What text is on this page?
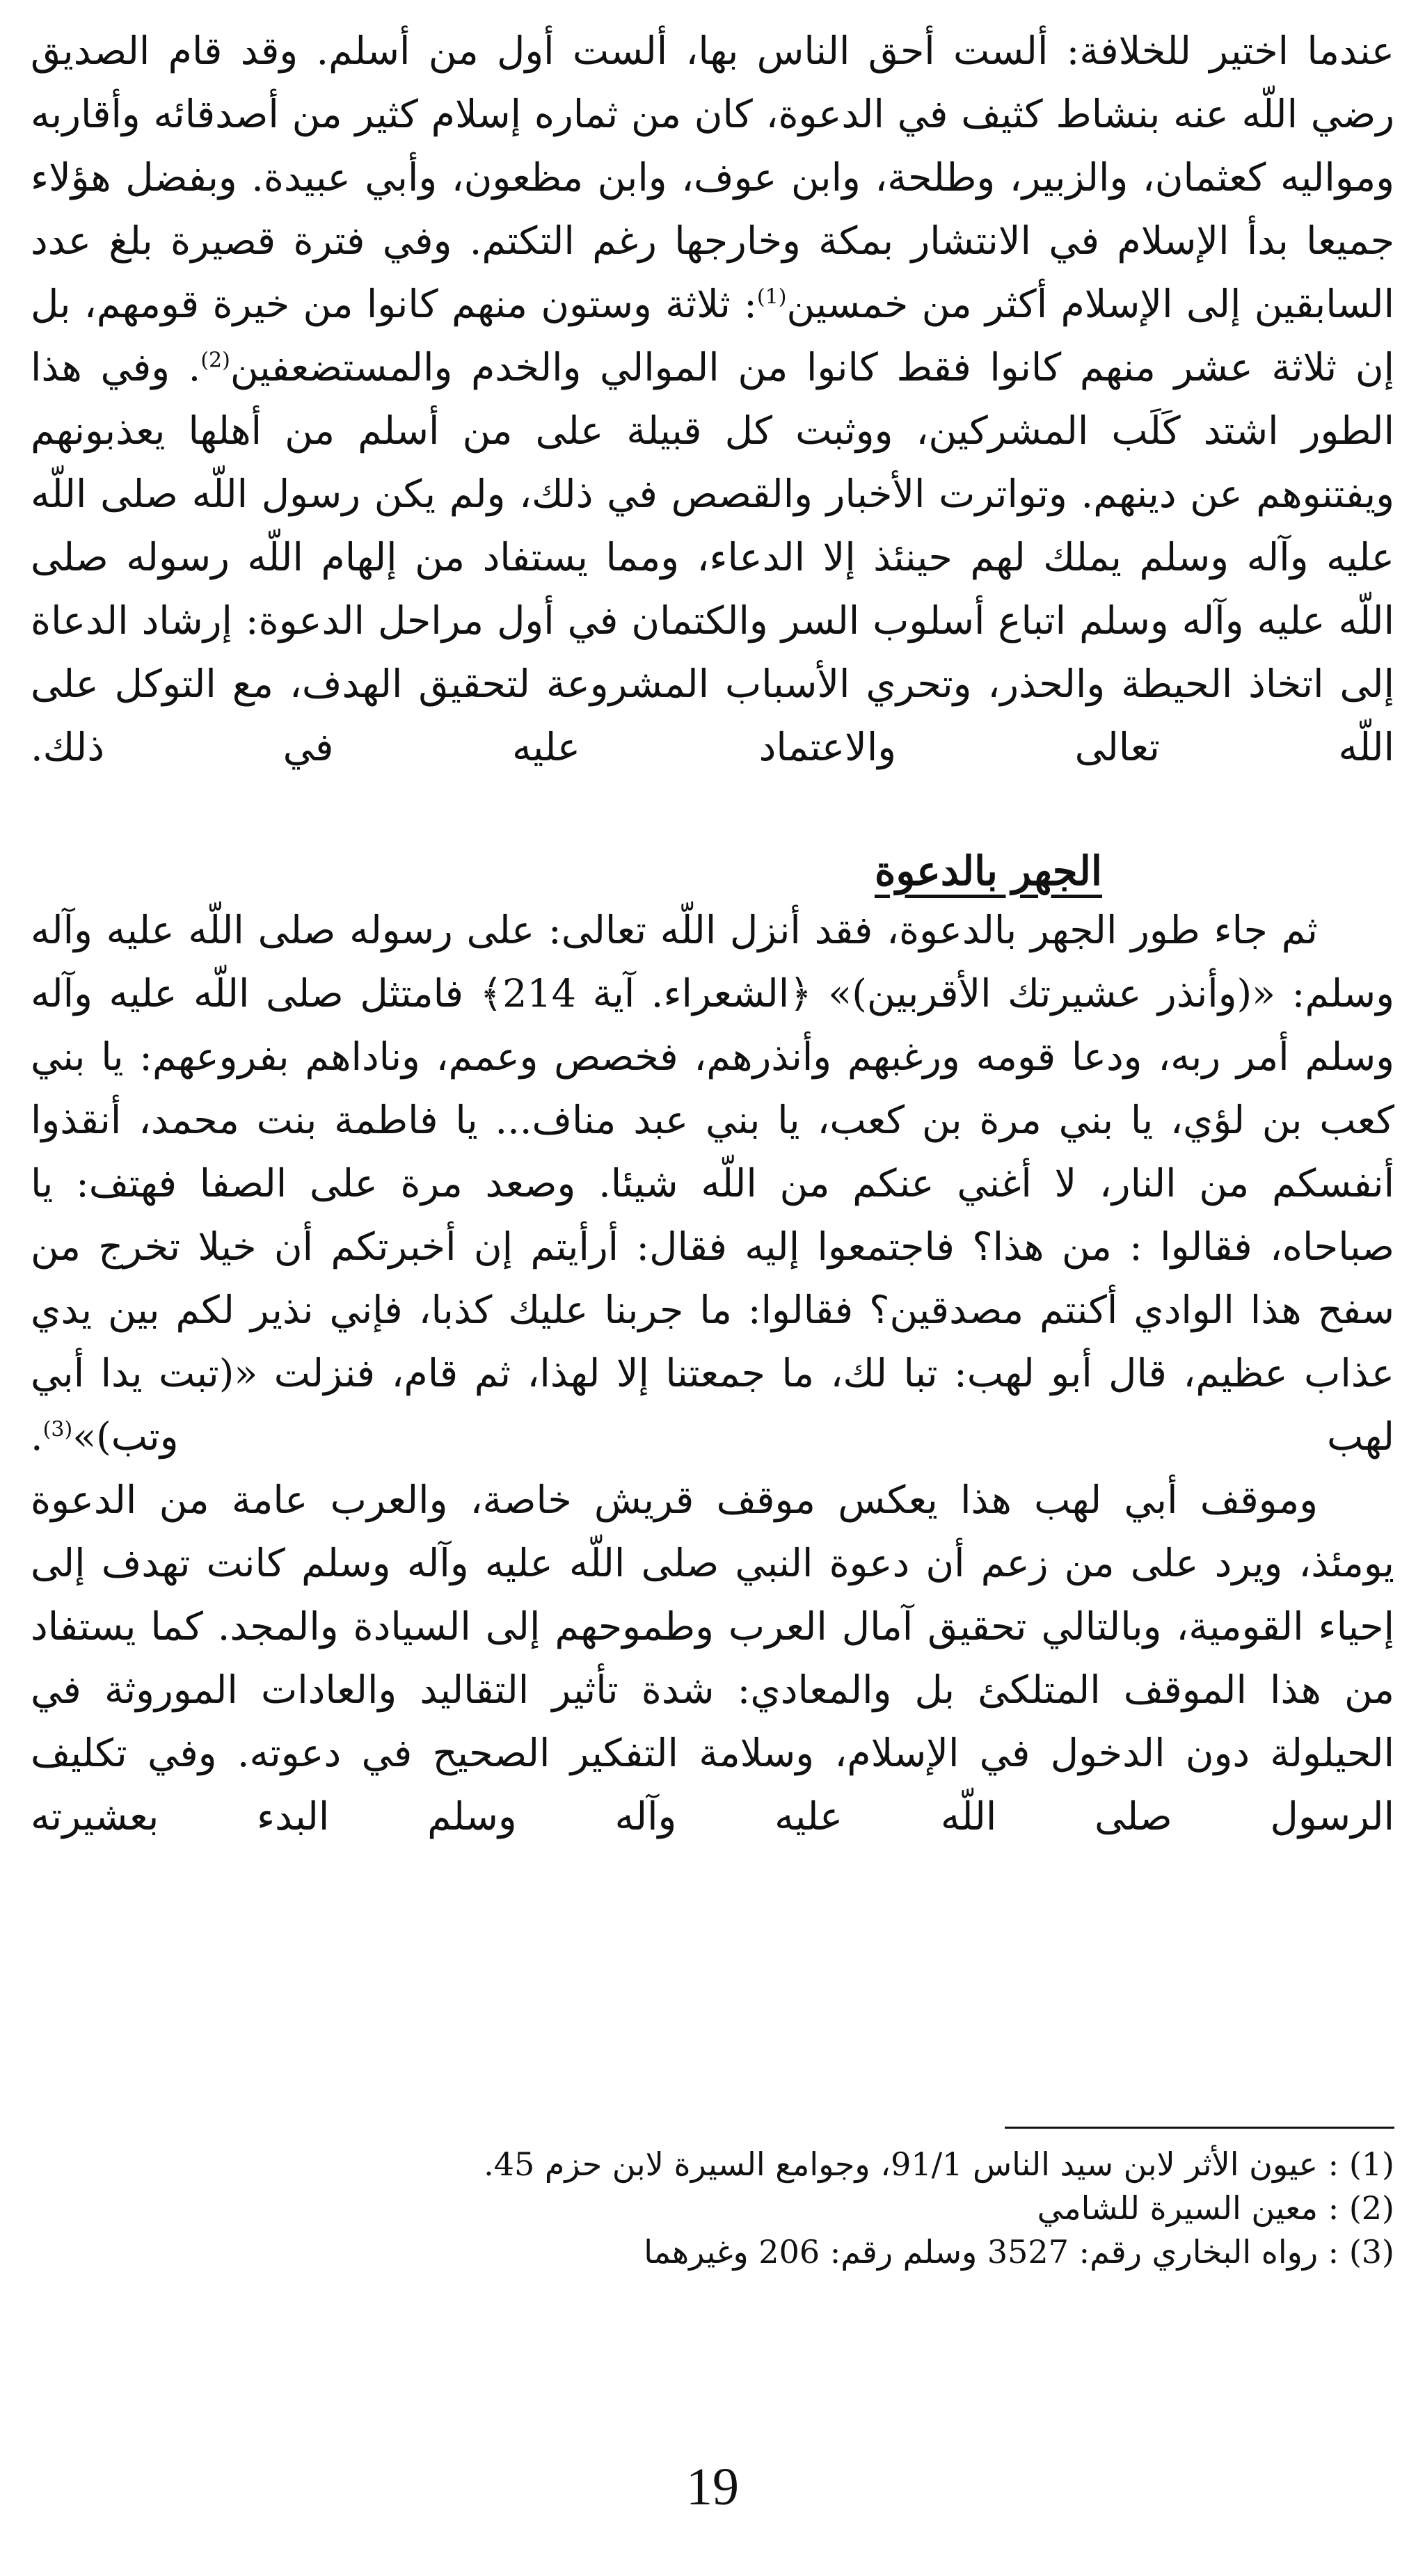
عندما اختير للخلافة: ألست أحق الناس بها، ألست أول من أسلم. وقد قام الصديق رضي اللّه عنه بنشاط كثيف في الدعوة، كان من ثماره إسلام كثير من أصدقائه وأقاربه ومواليه كعثمان، والزبير، وطلحة، وابن عوف، وابن مظعون، وأبي عبيدة. وبفضل هؤلاء جميعا بدأ الإسلام في الانتشار بمكة وخارجها رغم التكتم. وفي فترة قصيرة بلغ عدد السابقين إلى الإسلام أكثر من خمسين$^{(1)}$: ثلاثة وستون منهم كانوا من خيرة قومهم، بل إن ثلاثة عشر منهم كانوا فقط كانوا من الموالي والخدم والمستضعفين$^{(2)}$. وفي هذا الطور اشتد كَلَب المشركين، ووثبت كل قبيلة على من أسلم من أهلها يعذبونهم ويفتنوهم عن دينهم. وتواترت الأخبار والقصص في ذلك، ولم يكن رسول اللّه صلى اللّه عليه وآله وسلم يملك لهم حينئذ إلا الدعاء، ومما يستفاد من إلهام اللّه رسوله صلى اللّه عليه وآله وسلم اتباع أسلوب السر والكتمان في أول مراحل الدعوة: إرشاد الدعاة إلى اتخاذ الحيطة والحذر، وتحري الأسباب المشروعة لتحقيق الهدف، مع التوكل على اللّه تعالى والاعتماد عليه في ذلك.

الجهر بالدعوة

ثم جاء طور الجهر بالدعوة، فقد أنزل اللّه تعالى: على رسوله صلى اللّه عليه وآله وسلم: «(وأنذر عشيرتك الأقربين)» ﴿الشعراء. آية 214﴾ فامتثل صلى اللّه عليه وآله وسلم أمر ربه، ودعا قومه ورغبهم وأنذرهم، فخصص وعمم، وناداهم بفروعهم: يا بني كعب بن لؤي، يا بني مرة بن كعب، يا بني عبد مناف... يا فاطمة بنت محمد، أنقذوا أنفسكم من النار، لا أغني عنكم من اللّه شيئا. وصعد مرة على الصفا فهتف: يا صباحاه، فقالوا : من هذا؟ فاجتمعوا إليه فقال: أرأيتم إن أخبرتكم أن خيلا تخرج من سفح هذا الوادي أكنتم مصدقين؟ فقالوا: ما جربنا عليك كذبا، فإني نذير لكم بين يدي عذاب عظيم، قال أبو لهب: تبا لك، ما جمعتنا إلا لهذا، ثم قام، فنزلت «(تبت يدا أبي لهب وتب)»$^{(3)}$.

وموقف أبي لهب هذا يعكس موقف قريش خاصة، والعرب عامة من الدعوة يومئذ، ويرد على من زعم أن دعوة النبي صلى اللّه عليه وآله وسلم كانت تهدف إلى إحياء القومية، وبالتالي تحقيق آمال العرب وطموحهم إلى السيادة والمجد. كما يستفاد من هذا الموقف المتلكئ بل والمعادي: شدة تأثير التقاليد والعادات الموروثة في الحيلولة دون الدخول في الإسلام، وسلامة التفكير الصحيح في دعوته. وفي تكليف الرسول صلى اللّه عليه وآله وسلم البدء بعشيرته

(1) : عيون الأثر لابن سيد الناس 91/1، وجوامع السيرة لابن حزم 45.

(2) : معين السيرة للشامي

(3) : رواه البخاري رقم: 3527 وسلم رقم: 206 وغيرهما

19
